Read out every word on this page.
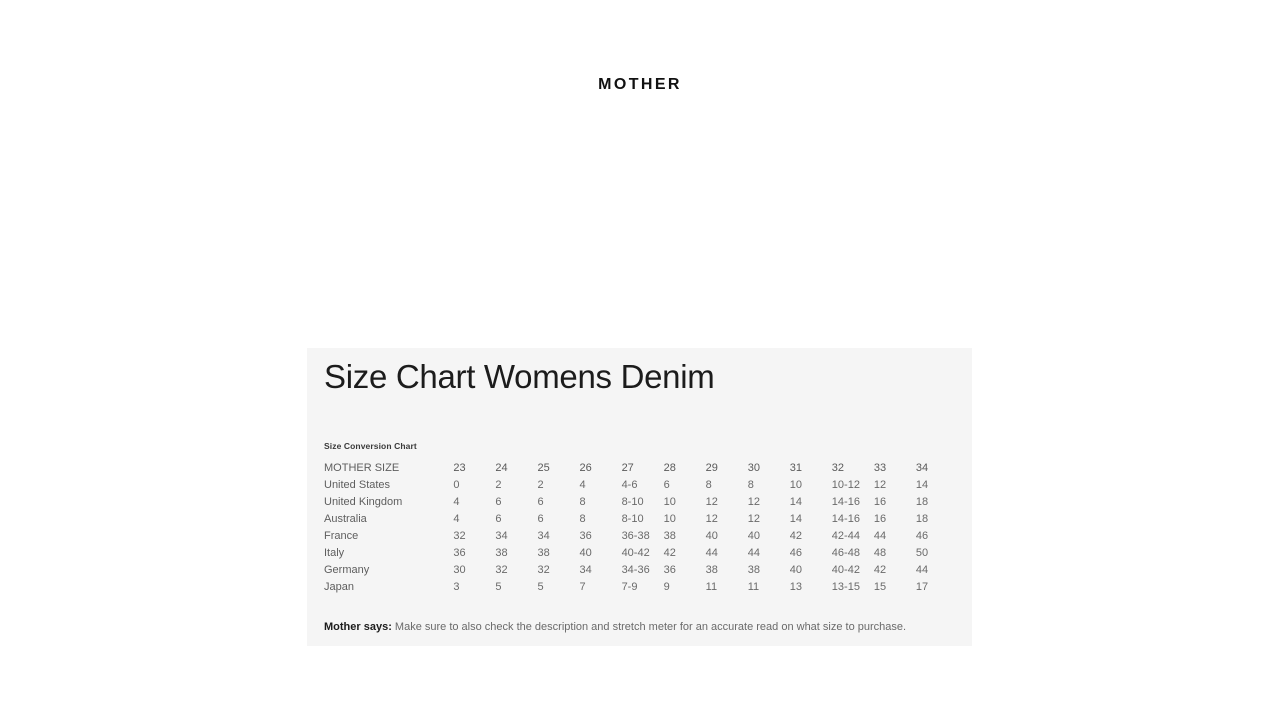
MOTHER
Size Chart Womens Denim
Size Conversion Chart
MOTHER SIZE	23	24	25	26	27	28	29	30	31	32	33	34
United States	0	2	2	4	4-6	6	8	8	10	10-12	12	14
United Kingdom	4	6	6	8	8-10	10	12	12	14	14-16	16	18
Australia	4	6	6	8	8-10	10	12	12	14	14-16	16	18
France	32	34	34	36	36-38	38	40	40	42	42-44	44	46
Italy	36	38	38	40	40-42	42	44	44	46	46-48	48	50
Germany	30	32	32	34	34-36	36	38	38	40	40-42	42	44
Japan	3	5	5	7	7-9	9	11	11	13	13-15	15	17
Mother says: Make sure to also check the description and stretch meter for an accurate read on what size to purchase.
